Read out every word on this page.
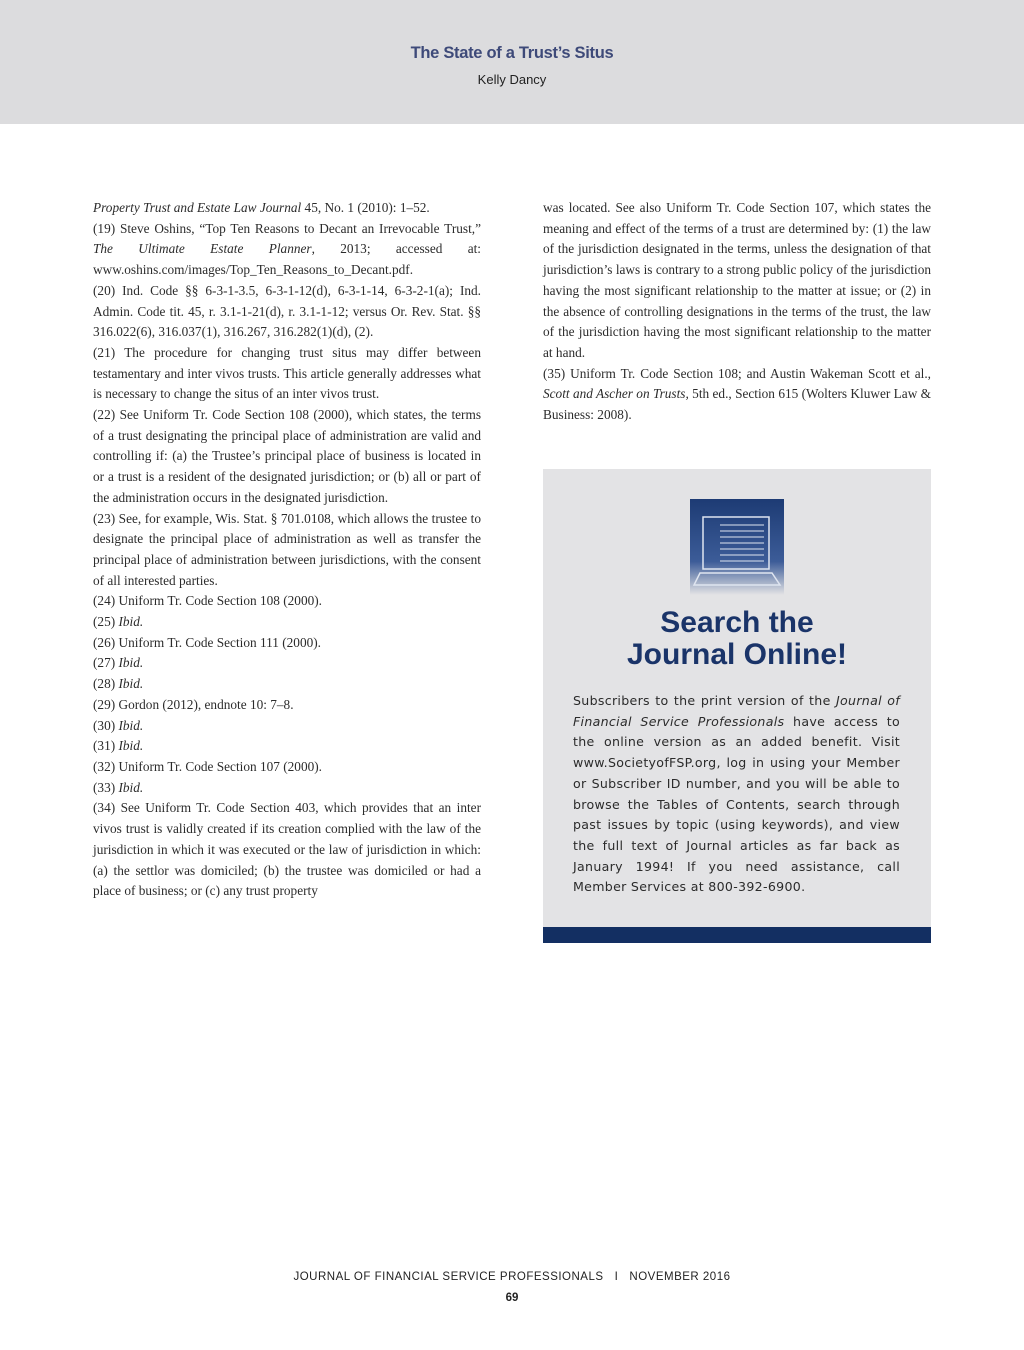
The State of a Trust’s Situs
Kelly Dancy

Property Trust and Estate Law Journal 45, No. 1 (2010): 1–52.

(19) Steve Oshins, “Top Ten Reasons to Decant an Irrevocable Trust,” The Ultimate Estate Planner, 2013; accessed at: www.oshins.com/images/Top_Ten_Reasons_to_Decant.pdf.

(20) Ind. Code §§ 6-3-1-3.5, 6-3-1-12(d), 6-3-1-14, 6-3-2-1(a); Ind. Admin. Code tit. 45, r. 3.1-1-21(d), r. 3.1-1-12; versus Or. Rev. Stat. §§ 316.022(6), 316.037(1), 316.267, 316.282(1)(d), (2).

(21) The procedure for changing trust situs may differ between testamentary and inter vivos trusts. This article generally addresses what is necessary to change the situs of an inter vivos trust.

(22) See Uniform Tr. Code Section 108 (2000), which states, the terms of a trust designating the principal place of administration are valid and controlling if: (a) the Trustee’s principal place of business is located in or a trust is a resident of the designated jurisdiction; or (b) all or part of the administration occurs in the designated jurisdiction.

(23) See, for example, Wis. Stat. § 701.0108, which allows the trustee to designate the principal place of administration as well as transfer the principal place of administration between jurisdictions, with the consent of all interested parties.

(24) Uniform Tr. Code Section 108 (2000).

(25) Ibid.

(26) Uniform Tr. Code Section 111 (2000).

(27) Ibid.

(28) Ibid.

(29) Gordon (2012), endnote 10: 7–8.

(30) Ibid.

(31) Ibid.

(32) Uniform Tr. Code Section 107 (2000).

(33) Ibid.

(34) See Uniform Tr. Code Section 403, which provides that an inter vivos trust is validly created if its creation complied with the law of the jurisdiction in which it was executed or the law of jurisdiction in which: (a) the settlor was domiciled; (b) the trustee was domiciled or had a place of business; or (c) any trust property

was located. See also Uniform Tr. Code Section 107, which states the meaning and effect of the terms of a trust are determined by: (1) the law of the jurisdiction designated in the terms, unless the designation of that jurisdiction’s laws is contrary to a strong public policy of the jurisdiction having the most significant relationship to the matter at issue; or (2) in the absence of controlling designations in the terms of the trust, the law of the jurisdiction having the most significant relationship to the matter at hand.

(35) Uniform Tr. Code Section 108; and Austin Wakeman Scott et al., Scott and Ascher on Trusts, 5th ed., Section 615 (Wolters Kluwer Law & Business: 2008).

Search the
Journal Online!

Subscribers to the print version of the Journal of Financial Service Professionals have access to the online version as an added benefit. Visit www.SocietyofFSP.org, log in using your Member or Subscriber ID number, and you will be able to browse the Tables of Contents, search through past issues by topic (using keywords), and view the full text of Journal articles as far back as January 1994! If you need assistance, call Member Services at 800-392-6900.

JOURNAL OF FINANCIAL SERVICE PROFESSIONALS   I   NOVEMBER 2016
69
